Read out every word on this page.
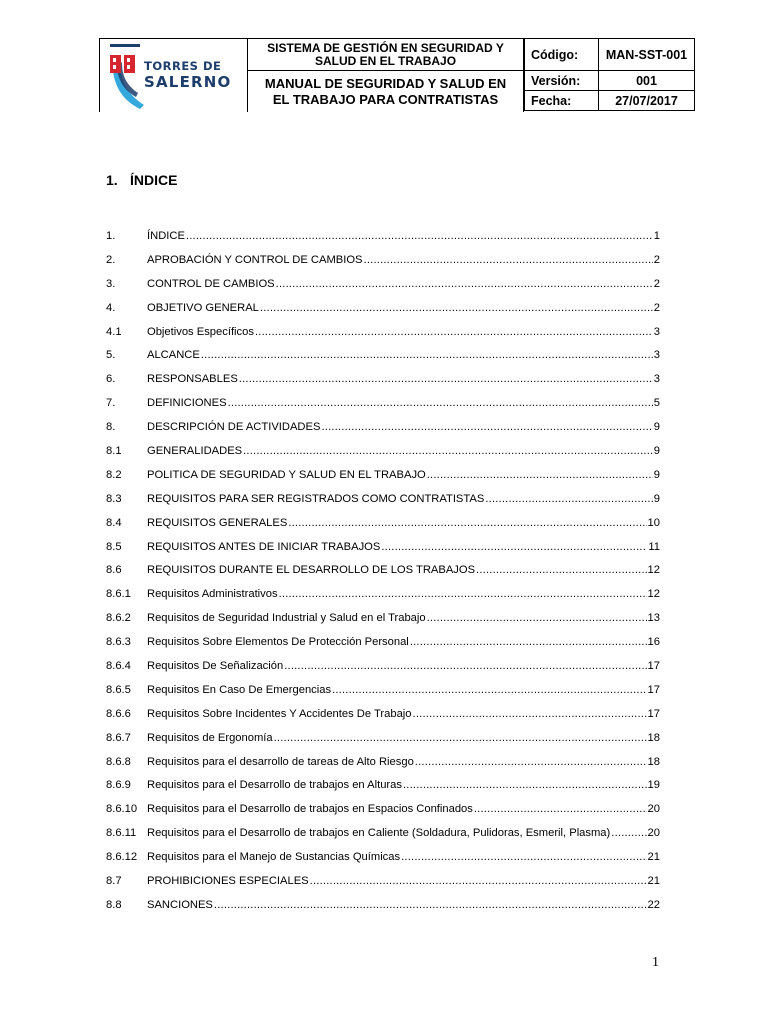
TORRES DE
SALERNO
SISTEMA DE GESTIÓN EN SEGURIDAD Y SALUD EN EL TRABAJO
MANUAL DE SEGURIDAD Y SALUD EN EL TRABAJO PARA CONTRATISTAS
Código:	MAN-SST-001
Versión:	001
Fecha:	27/07/2017
1. ÍNDICE
1.	ÍNDICE .....	1
2.	APROBACIÓN Y CONTROL DE CAMBIOS .....	2
3.	CONTROL DE CAMBIOS .....	2
4.	OBJETIVO GENERAL .....	2
4.1	Objetivos Específicos .....	3
5.	ALCANCE .....	3
6.	RESPONSABLES .....	3
7.	DEFINICIONES .....	5
8.	DESCRIPCIÓN DE ACTIVIDADES .....	9
8.1	GENERALIDADES .....	9
8.2	POLITICA DE SEGURIDAD Y SALUD EN EL TRABAJO .....	9
8.3	REQUISITOS PARA SER REGISTRADOS COMO CONTRATISTAS .....	9
8.4	REQUISITOS GENERALES .....	10
8.5	REQUISITOS ANTES DE INICIAR TRABAJOS .....	11
8.6	REQUISITOS DURANTE EL DESARROLLO DE LOS TRABAJOS .....	12
8.6.1	Requisitos Administrativos .....	12
8.6.2	Requisitos de Seguridad Industrial y Salud en el Trabajo .....	13
8.6.3	Requisitos Sobre Elementos De Protección Personal .....	16
8.6.4	Requisitos De Señalización .....	17
8.6.5	Requisitos En Caso De Emergencias .....	17
8.6.6	Requisitos Sobre Incidentes Y Accidentes De Trabajo .....	17
8.6.7	Requisitos de Ergonomía .....	18
8.6.8	Requisitos para el desarrollo de tareas de Alto Riesgo .....	18
8.6.9	Requisitos para el Desarrollo de trabajos en Alturas .....	19
8.6.10 Requisitos para el Desarrollo de trabajos en Espacios Confinados .....	20
8.6.11 Requisitos para el Desarrollo de trabajos en Caliente (Soldadura, Pulidoras, Esmeril, Plasma) .....	20
8.6.12 Requisitos para el Manejo de Sustancias Químicas .....	21
8.7	PROHIBICIONES ESPECIALES .....	21
8.8	SANCIONES .....	22
1
